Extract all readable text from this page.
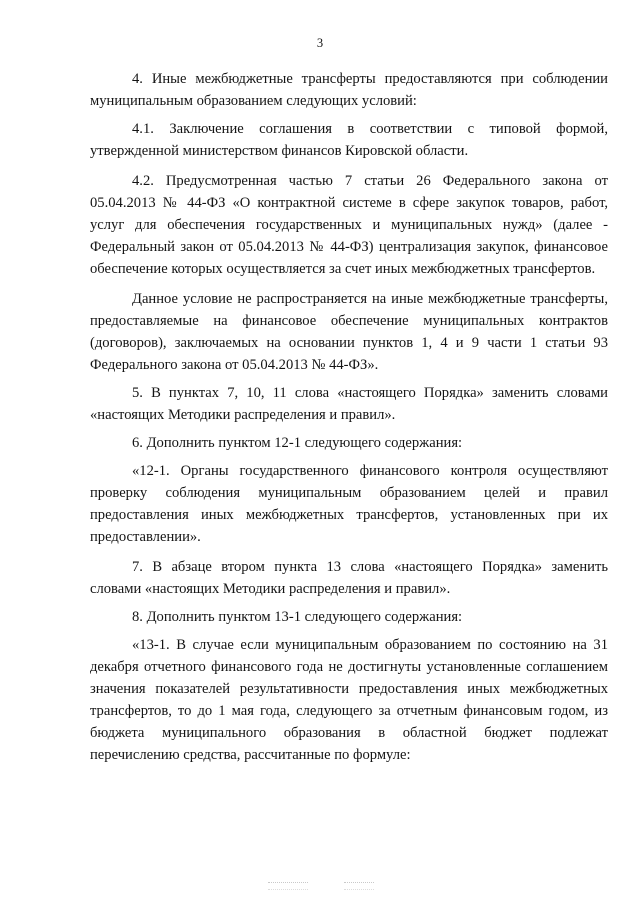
3

4. Иные межбюджетные трансферты предоставляются при соблюдении муниципальным образованием следующих условий:

4.1. Заключение соглашения в соответствии с типовой формой, утвержденной министерством финансов Кировской области.

4.2. Предусмотренная частью 7 статьи 26 Федерального закона от 05.04.2013 № 44-ФЗ «О контрактной системе в сфере закупок товаров, работ, услуг для обеспечения государственных и муниципальных нужд» (далее - Федеральный закон от 05.04.2013 № 44-ФЗ) централизация закупок, финансовое обеспечение которых осуществляется за счет иных межбюджетных трансфертов.

Данное условие не распространяется на иные межбюджетные трансферты, предоставляемые на финансовое обеспечение муниципальных контрактов (договоров), заключаемых на основании пунктов 1, 4 и 9 части 1 статьи 93 Федерального закона от 05.04.2013 № 44-ФЗ».

5. В пунктах 7, 10, 11 слова «настоящего Порядка» заменить словами «настоящих Методики распределения и правил».

6. Дополнить пунктом 12-1 следующего содержания:

«12-1. Органы государственного финансового контроля осуществляют проверку соблюдения муниципальным образованием целей и правил предоставления иных межбюджетных трансфертов, установленных при их предоставлении».

7. В абзаце втором пункта 13 слова «настоящего Порядка» заменить словами «настоящих Методики распределения и правил».

8. Дополнить пунктом 13-1 следующего содержания:

«13-1. В случае если муниципальным образованием по состоянию на 31 декабря отчетного финансового года не достигнуты установленные соглашением значения показателей результативности предоставления иных межбюджетных трансфертов, то до 1 мая года, следующего за отчетным финансовым годом, из бюджета муниципального образования в областной бюджет подлежат перечислению средства, рассчитанные по формуле:
